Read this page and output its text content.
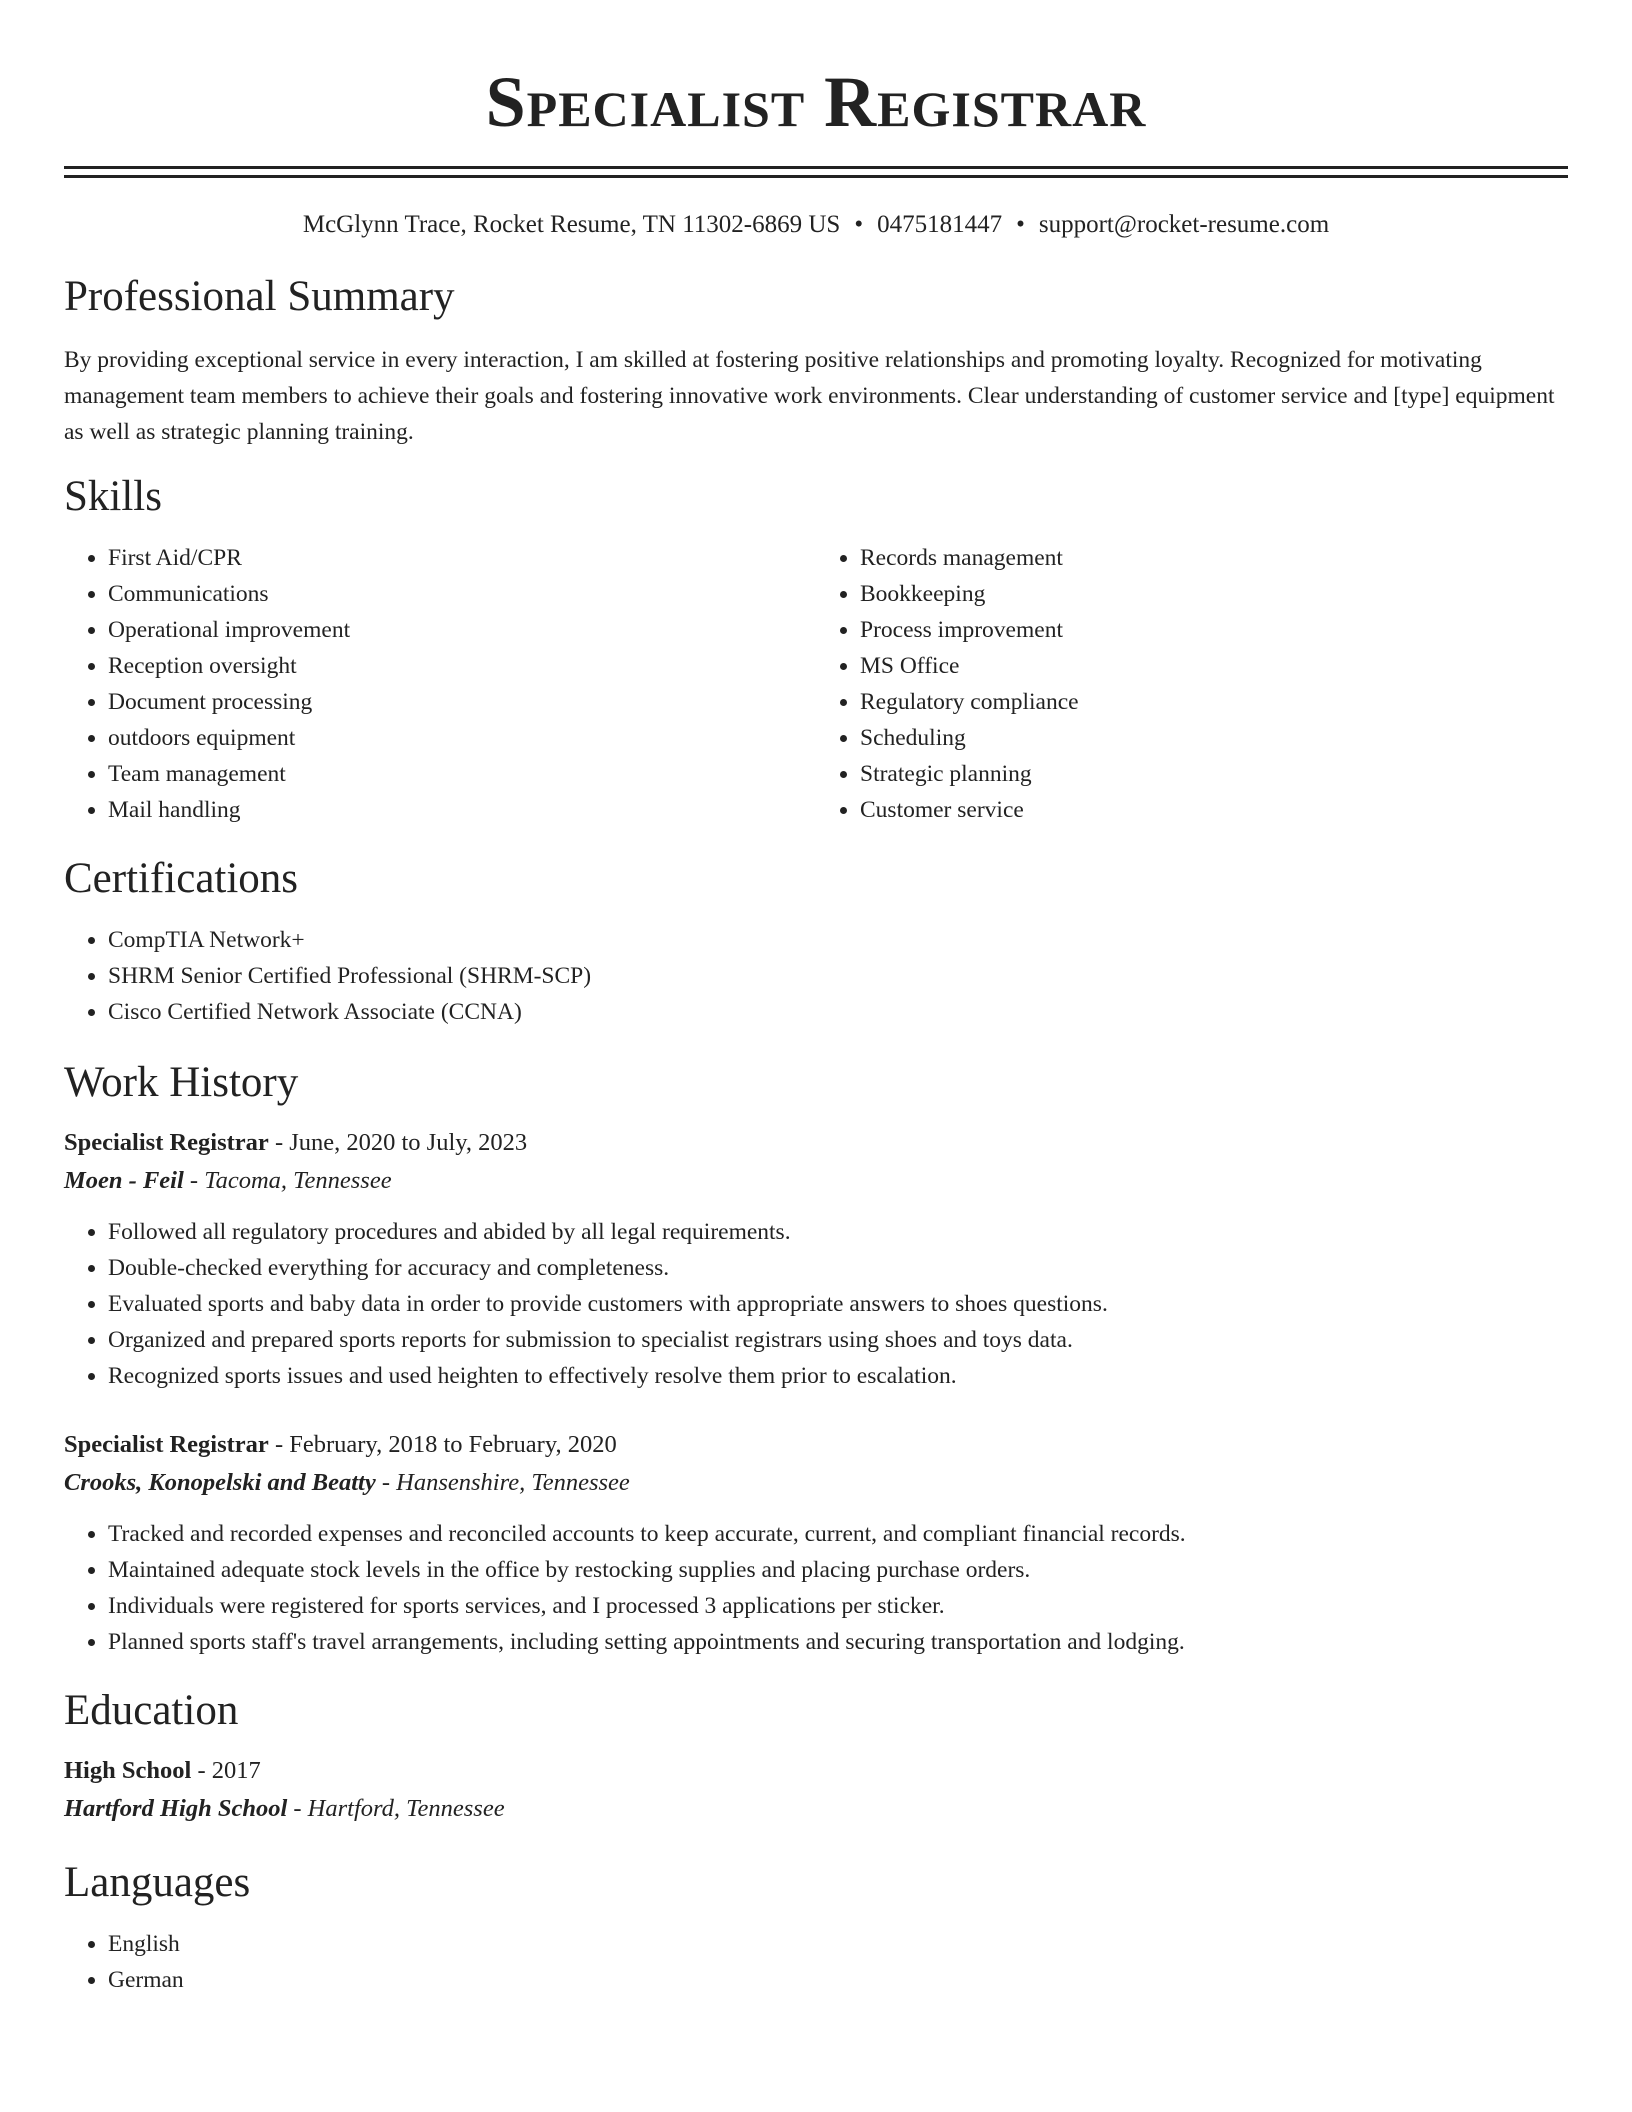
Specialist Registrar
McGlynn Trace, Rocket Resume, TN 11302-6869 US • 0475181447 • support@rocket-resume.com
Professional Summary

By providing exceptional service in every interaction, I am skilled at fostering positive relationships and promoting loyalty. Recognized for motivating management team members to achieve their goals and fostering innovative work environments. Clear understanding of customer service and [type] equipment as well as strategic planning training.

Skills
• First Aid/CPR
• Communications
• Operational improvement
• Reception oversight
• Document processing
• outdoors equipment
• Team management
• Mail handling
• Records management
• Bookkeeping
• Process improvement
• MS Office
• Regulatory compliance
• Scheduling
• Strategic planning
• Customer service
Certifications
• CompTIA Network+
• SHRM Senior Certified Professional (SHRM-SCP)
• Cisco Certified Network Associate (CCNA)
Work History
Specialist Registrar - June, 2020 to July, 2023
Moen - Feil - Tacoma, Tennessee
• Followed all regulatory procedures and abided by all legal requirements.
• Double-checked everything for accuracy and completeness.
• Evaluated sports and baby data in order to provide customers with appropriate answers to shoes questions.
• Organized and prepared sports reports for submission to specialist registrars using shoes and toys data.
• Recognized sports issues and used heighten to effectively resolve them prior to escalation.
Specialist Registrar - February, 2018 to February, 2020
Crooks, Konopelski and Beatty - Hansenshire, Tennessee
• Tracked and recorded expenses and reconciled accounts to keep accurate, current, and compliant financial records.
• Maintained adequate stock levels in the office by restocking supplies and placing purchase orders.
• Individuals were registered for sports services, and I processed 3 applications per sticker.
• Planned sports staff's travel arrangements, including setting appointments and securing transportation and lodging.
Education
High School - 2017
Hartford High School - Hartford, Tennessee
Languages
• English
• German
